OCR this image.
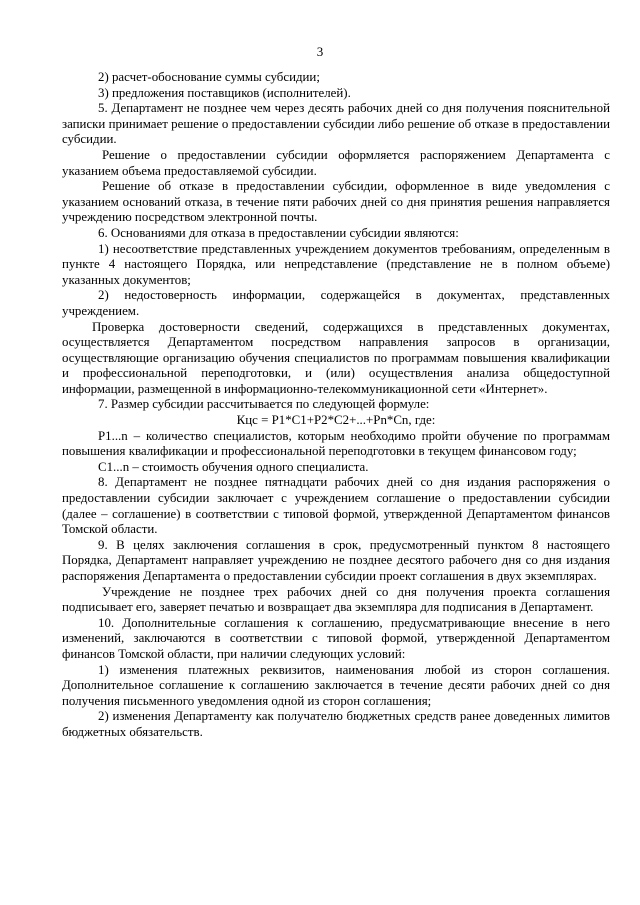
3

2) расчет-обоснование суммы субсидии;

3) предложения поставщиков (исполнителей).

5. Департамент не позднее чем через десять рабочих дней со дня получения пояснительной записки принимает решение о предоставлении субсидии либо решение об отказе в предоставлении субсидии.

Решение о предоставлении субсидии оформляется распоряжением Департамента с указанием объема предоставляемой субсидии.

Решение об отказе в предоставлении субсидии, оформленное в виде уведомления с указанием оснований отказа, в течение пяти рабочих дней со дня принятия решения направляется учреждению посредством электронной почты.

6. Основаниями для отказа в предоставлении субсидии являются:

1) несоответствие представленных учреждением документов требованиям, определенным в пункте 4 настоящего Порядка, или непредставление (представление не в полном объеме) указанных документов;

2) недостоверность информации, содержащейся в документах, представленных учреждением.

Проверка достоверности сведений, содержащихся в представленных документах, осуществляется Департаментом посредством направления запросов в организации, осуществляющие организацию обучения специалистов по программам повышения квалификации и профессиональной переподготовки, и (или) осуществления анализа общедоступной информации, размещенной в информационно-телекоммуникационной сети «Интернет».

7. Размер субсидии рассчитывается по следующей формуле:

Кцс = Р1*С1+Р2*С2+...+Рn*Сn, где:

Р1...n – количество специалистов, которым необходимо пройти обучение по программам повышения квалификации и профессиональной переподготовки в текущем финансовом году;

С1...n – стоимость обучения одного специалиста.

8. Департамент не позднее пятнадцати рабочих дней со дня издания распоряжения о предоставлении субсидии заключает с учреждением соглашение о предоставлении субсидии (далее – соглашение) в соответствии с типовой формой, утвержденной Департаментом финансов Томской области.

9. В целях заключения соглашения в срок, предусмотренный пунктом 8 настоящего Порядка, Департамент направляет учреждению не позднее десятого рабочего дня со дня издания распоряжения Департамента о предоставлении субсидии проект соглашения в двух экземплярах.

Учреждение не позднее трех рабочих дней со дня получения проекта соглашения подписывает его, заверяет печатью и возвращает два экземпляра для подписания в Департамент.

10. Дополнительные соглашения к соглашению, предусматривающие внесение в него изменений, заключаются в соответствии с типовой формой, утвержденной Департаментом финансов Томской области, при наличии следующих условий:

1) изменения платежных реквизитов, наименования любой из сторон соглашения. Дополнительное соглашение к соглашению заключается в течение десяти рабочих дней со дня получения письменного уведомления одной из сторон соглашения;

2) изменения Департаменту как получателю бюджетных средств ранее доведенных лимитов бюджетных обязательств.
